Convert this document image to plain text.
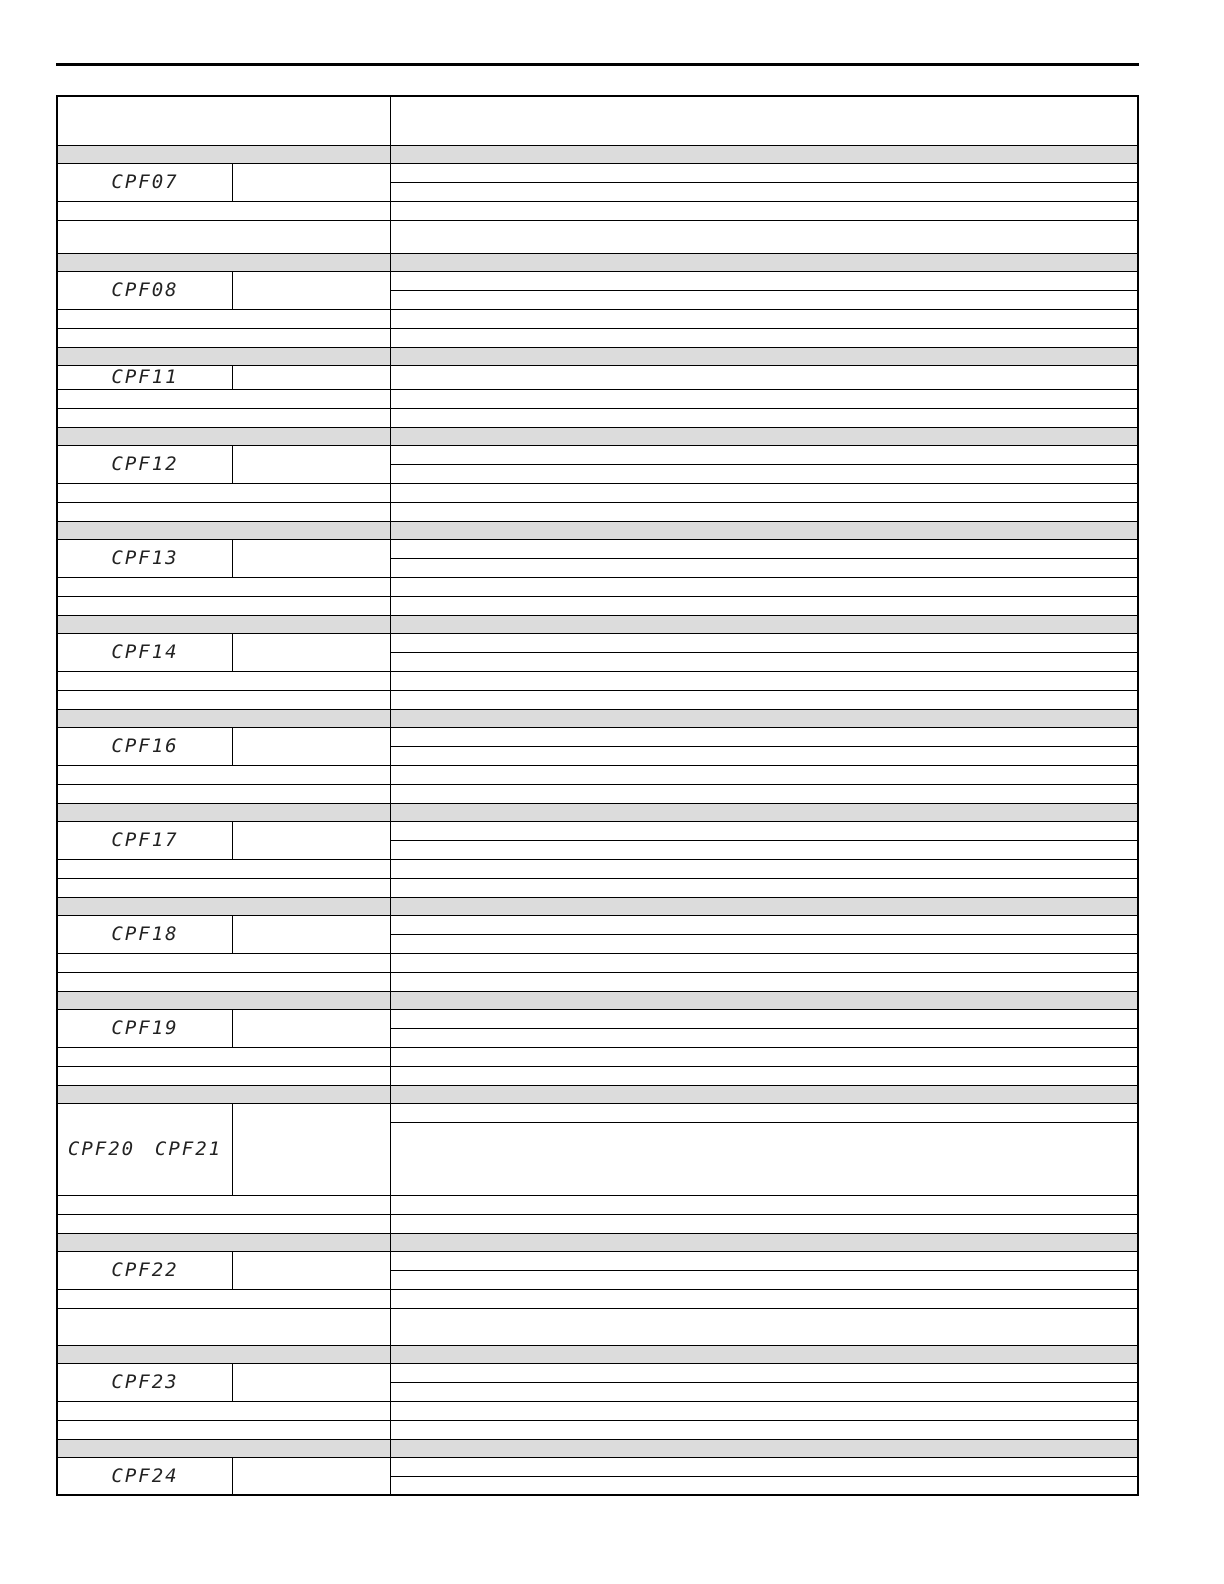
CPF07
CPF08
CPF11
CPF12
CPF13
CPF14
CPF16
CPF17
CPF18
CPF19
CPF20 CPF21
CPF22
CPF23
CPF24
